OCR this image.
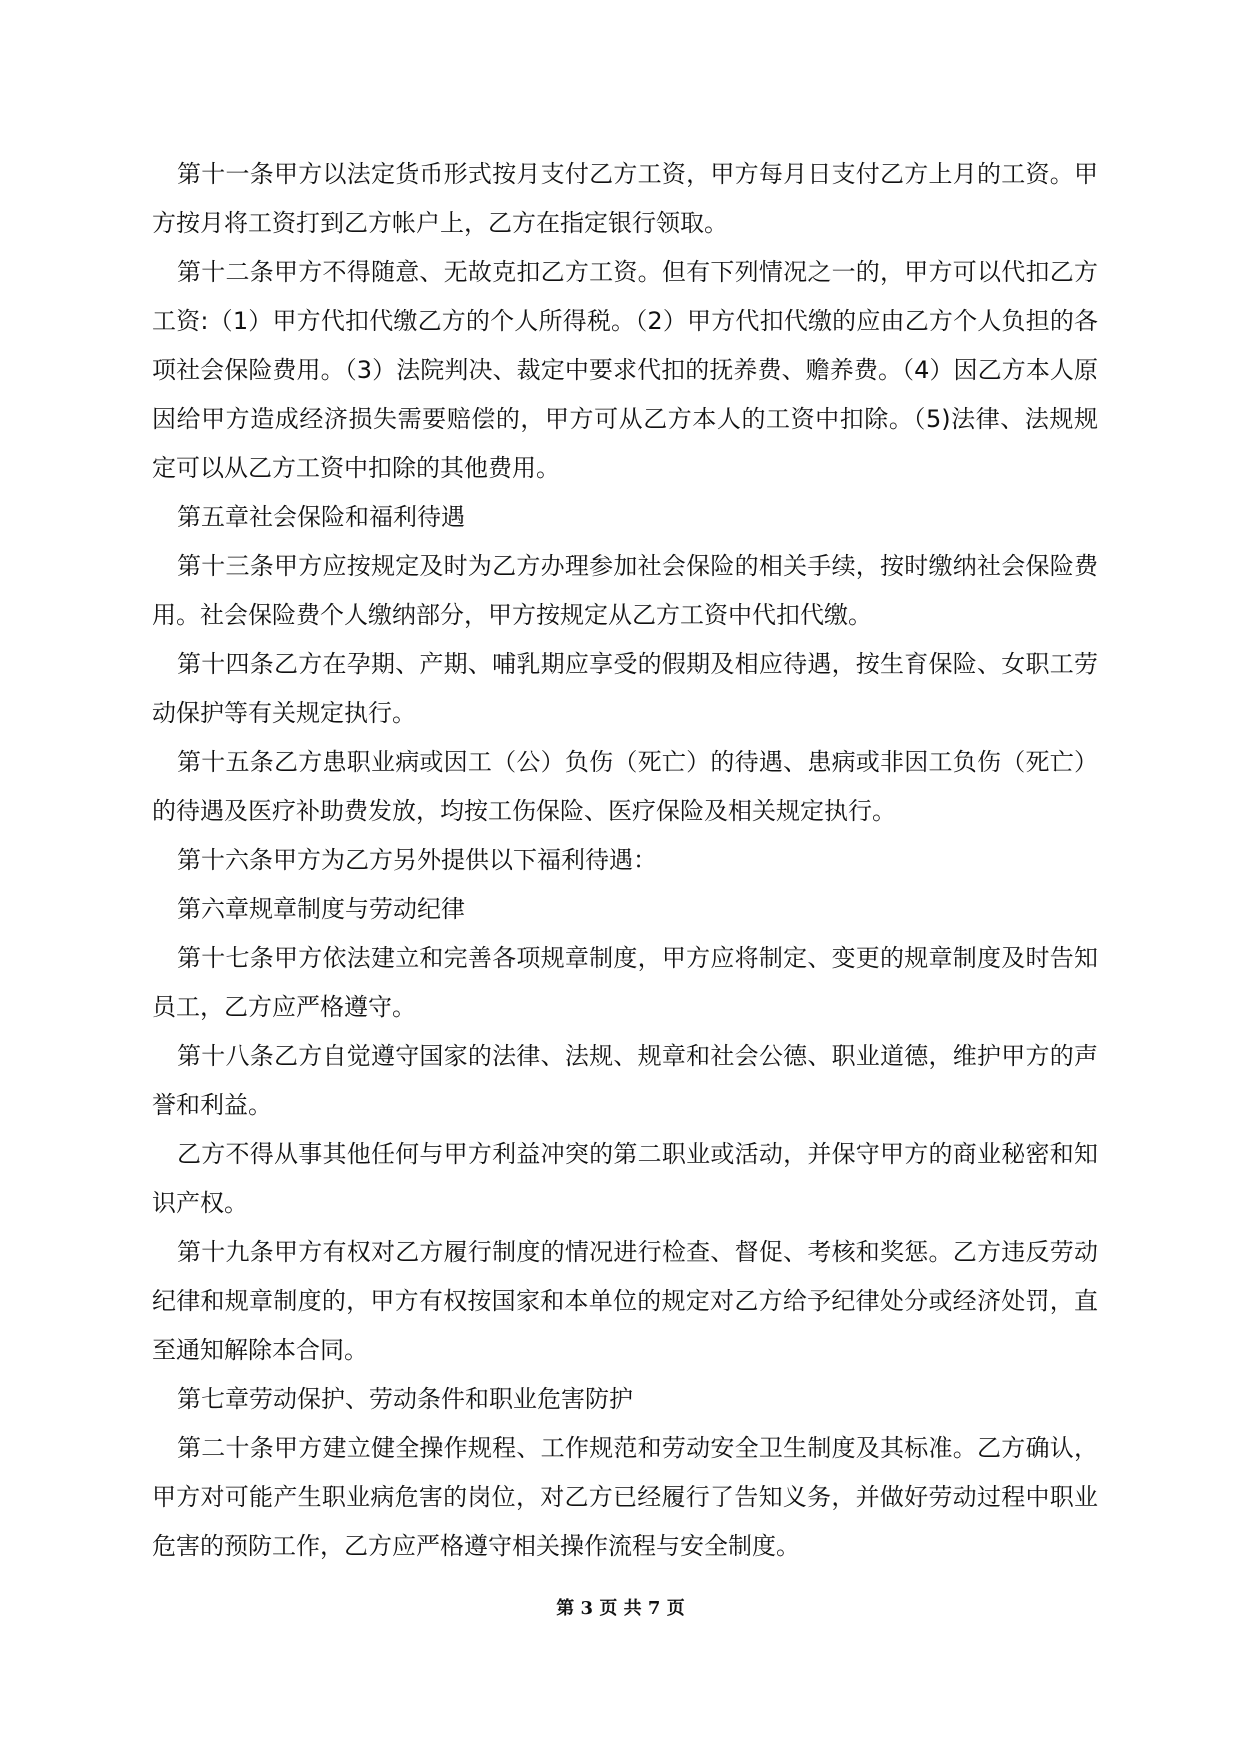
第十一条甲方以法定货币形式按月支付乙方工资，甲方每月日支付乙方上月的工资。甲方按月将工资打到乙方帐户上，乙方在指定银行领取。

第十二条甲方不得随意、无故克扣乙方工资。但有下列情况之一的，甲方可以代扣乙方工资:（1）甲方代扣代缴乙方的个人所得税。（2）甲方代扣代缴的应由乙方个人负担的各项社会保险费用。（3）法院判决、裁定中要求代扣的抚养费、赡养费。（4）因乙方本人原因给甲方造成经济损失需要赔偿的，甲方可从乙方本人的工资中扣除。（5)法律、法规规定可以从乙方工资中扣除的其他费用。

第五章社会保险和福利待遇

第十三条甲方应按规定及时为乙方办理参加社会保险的相关手续，按时缴纳社会保险费用。社会保险费个人缴纳部分，甲方按规定从乙方工资中代扣代缴。

第十四条乙方在孕期、产期、哺乳期应享受的假期及相应待遇，按生育保险、女职工劳动保护等有关规定执行。

第十五条乙方患职业病或因工（公）负伤（死亡）的待遇、患病或非因工负伤（死亡）的待遇及医疗补助费发放，均按工伤保险、医疗保险及相关规定执行。

第十六条甲方为乙方另外提供以下福利待遇：

第六章规章制度与劳动纪律

第十七条甲方依法建立和完善各项规章制度，甲方应将制定、变更的规章制度及时告知员工，乙方应严格遵守。

第十八条乙方自觉遵守国家的法律、法规、规章和社会公德、职业道德，维护甲方的声誉和利益。

乙方不得从事其他任何与甲方利益冲突的第二职业或活动，并保守甲方的商业秘密和知识产权。

第十九条甲方有权对乙方履行制度的情况进行检查、督促、考核和奖惩。乙方违反劳动纪律和规章制度的，甲方有权按国家和本单位的规定对乙方给予纪律处分或经济处罚，直至通知解除本合同。

第七章劳动保护、劳动条件和职业危害防护

第二十条甲方建立健全操作规程、工作规范和劳动安全卫生制度及其标准。乙方确认，甲方对可能产生职业病危害的岗位，对乙方已经履行了告知义务，并做好劳动过程中职业危害的预防工作，乙方应严格遵守相关操作流程与安全制度。

第 3 页 共 7 页
